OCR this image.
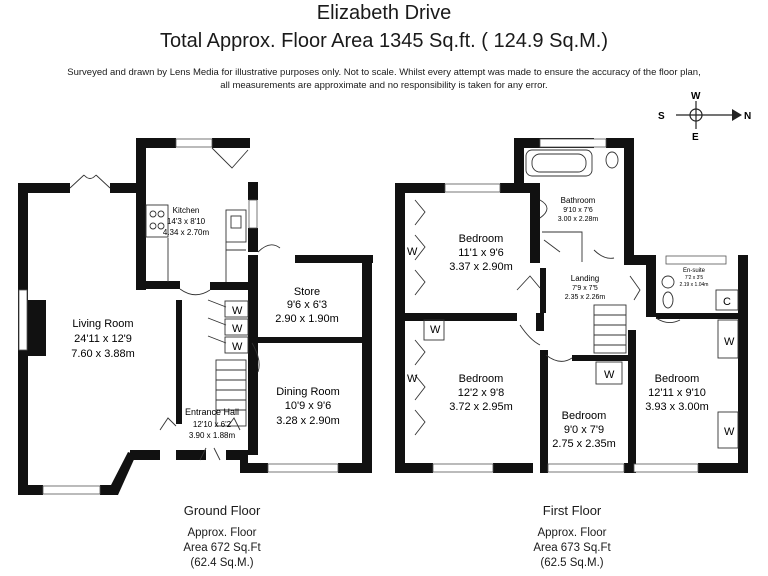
Elizabeth Drive
Total Approx. Floor Area 1345 Sq.ft. ( 124.9 Sq.M.)
Surveyed and drawn by Lens Media for illustrative purposes only. Not to scale. Whilst every attempt was made to ensure the accuracy of the floor plan,
all measurements are approximate and no responsibility is taken for any error.
W
E
S	N
Kitchen
14'3 x 8'10
4.34 x 2.70m
Store
9'6 x 6'3
2.90 x 1.90m
Living Room
24'11 x 12'9
7.60 x 3.88m
Dining Room
10'9 x 9'6
3.28 x 2.90m
Entrance Hall
12'10 x 6'2
3.90 x 1.88m
W
W
W
Bathroom
9'10 x 7'6
3.00 x 2.28m
Bedroom
11'1 x 9'6
3.37 x 2.90m
Landing
7'9 x 7'5
2.35 x 2.26m
En-suite
7'2 x 3'5
2.19 x 1.04m
Bedroom
12'2 x 9'8
3.72 x 2.95m
Bedroom
9'0 x 7'9
2.75 x 2.35m
Bedroom
12'11 x 9'10
3.93 x 3.00m
W
W
W
W
W
W
C
Ground Floor
Approx. Floor
Area 672 Sq.Ft
(62.4 Sq.M.)
First Floor
Approx. Floor
Area 673 Sq.Ft
(62.5 Sq.M.)
